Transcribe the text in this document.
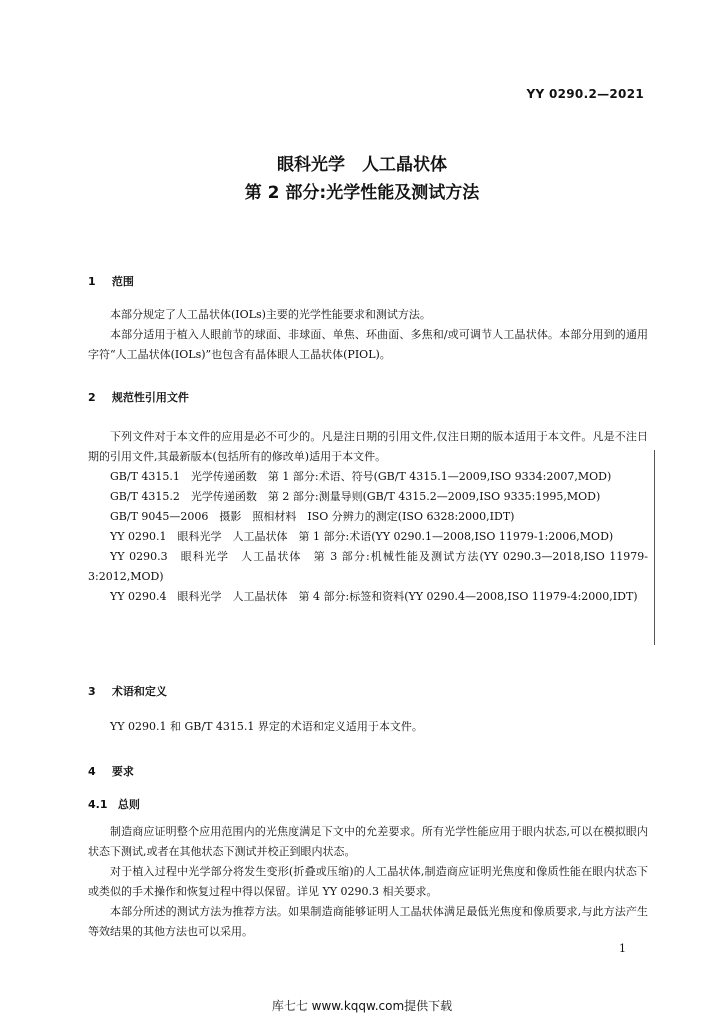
YY 0290.2—2021
眼科光学　人工晶状体
第 2 部分:光学性能及测试方法
1 范围

本部分规定了人工晶状体(IOLs)主要的光学性能要求和测试方法。

本部分适用于植入人眼前节的球面、非球面、单焦、环曲面、多焦和/或可调节人工晶状体。本部分用到的通用字符“人工晶状体(IOLs)”也包含有晶体眼人工晶状体(PIOL)。

2 规范性引用文件
下列文件对于本文件的应用是必不可少的。凡是注日期的引用文件,仅注日期的版本适用于本文件。凡是不注日期的引用文件,其最新版本(包括所有的修改单)适用于本文件。
GB/T 4315.1　光学传递函数　第 1 部分:术语、符号(GB/T 4315.1—2009,ISO 9334:2007,MOD)
GB/T 4315.2　光学传递函数　第 2 部分:测量导则(GB/T 4315.2—2009,ISO 9335:1995,MOD)
GB/T 9045—2006　摄影　照相材料　ISO 分辨力的测定(ISO 6328:2000,IDT)
YY 0290.1　眼科光学　人工晶状体　第 1 部分:术语(YY 0290.1—2008,ISO 11979-1:2006,MOD)
YY 0290.3　眼科光学　人工晶状体　第 3 部分:机械性能及测试方法(YY 0290.3—2018,ISO 11979-3:2012,MOD)
YY 0290.4　眼科光学　人工晶状体　第 4 部分:标签和资料(YY 0290.4—2008,ISO 11979-4:2000,IDT)
3 术语和定义

YY 0290.1 和 GB/T 4315.1 界定的术语和定义适用于本文件。

4 要求
4.1 总则

制造商应证明整个应用范围内的光焦度满足下文中的允差要求。所有光学性能应用于眼内状态,可以在模拟眼内状态下测试,或者在其他状态下测试并校正到眼内状态。

对于植入过程中光学部分将发生变形(折叠或压缩)的人工晶状体,制造商应证明光焦度和像质性能在眼内状态下或类似的手术操作和恢复过程中得以保留。详见 YY 0290.3 相关要求。

本部分所述的测试方法为推荐方法。如果制造商能够证明人工晶状体满足最低光焦度和像质要求,与此方法产生等效结果的其他方法也可以采用。

1
库七七 www.kqqw.com提供下载
